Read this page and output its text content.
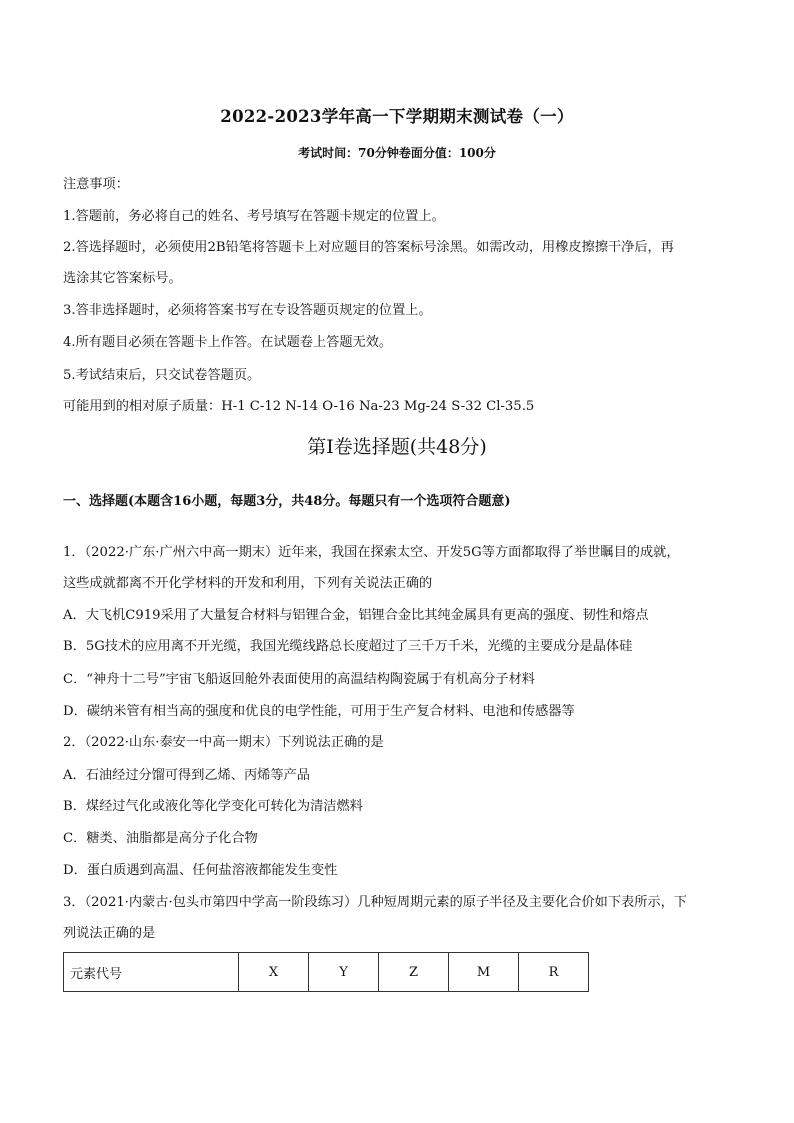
2022-2023学年高一下学期期末测试卷（一）
考试时间：70分钟卷面分值：100分
注意事项：
1.答题前，务必将自己的姓名、考号填写在答题卡规定的位置上。
2.答选择题时，必须使用2B铅笔将答题卡上对应题目的答案标号涂黑。如需改动，用橡皮擦擦干净后，再
选涂其它答案标号。
3.答非选择题时，必须将答案书写在专设答题页规定的位置上。
4.所有题目必须在答题卡上作答。在试题卷上答题无效。
5.考试结束后，只交试卷答题页。
可能用到的相对原子质量：H-1 C-12 N-14 O-16 Na-23 Mg-24 S-32 Cl-35.5
第Ⅰ卷选择题(共48分)
一、选择题(本题含16小题，每题3分，共48分。每题只有一个选项符合题意)
1．（2022·广东·广州六中高一期末）近年来，我国在探索太空、开发5G等方面都取得了举世瞩目的成就，
这些成就都离不开化学材料的开发和利用，下列有关说法正确的
A．大飞机C919采用了大量复合材料与铝锂合金，铝锂合金比其纯金属具有更高的强度、韧性和熔点
B．5G技术的应用离不开光缆，我国光缆线路总长度超过了三千万千米，光缆的主要成分是晶体硅
C．“神舟十二号”宇宙飞船返回舱外表面使用的高温结构陶瓷属于有机高分子材料
D．碳纳米管有相当高的强度和优良的电学性能，可用于生产复合材料、电池和传感器等
2．（2022·山东·泰安一中高一期末）下列说法正确的是
A．石油经过分馏可得到乙烯、丙烯等产品
B．煤经过气化或液化等化学变化可转化为清洁燃料
C．糖类、油脂都是高分子化合物
D．蛋白质遇到高温、任何盐溶液都能发生变性
3．（2021·内蒙古·包头市第四中学高一阶段练习）几种短周期元素的原子半径及主要化合价如下表所示，下
列说法正确的是
元素代号	X	Y	Z	M	R
